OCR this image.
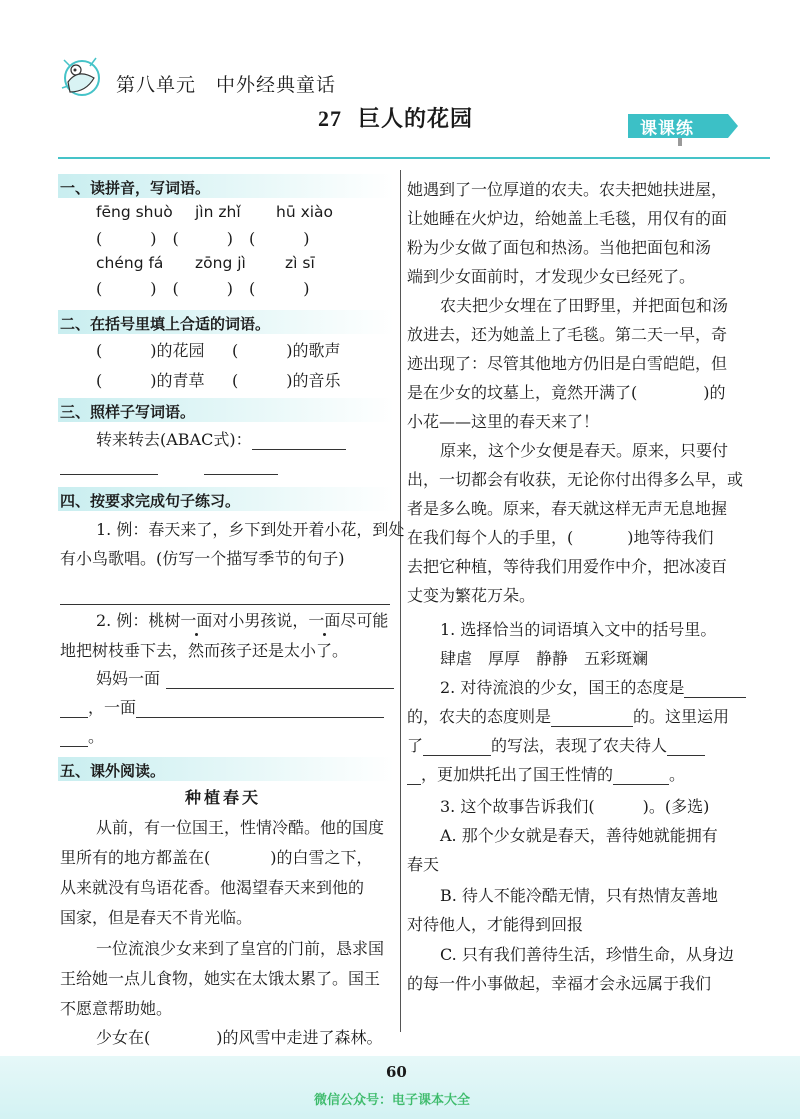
第八单元　中外经典童话
27 巨人的花园	课课练
一、读拼音，写词语。
fēng shuò jìn zhǐ hū xiào
(　　　)　(　　　)　(　　　)
chéng fá zōng jì	zì sī
(　　　)　(　　　)　(　　　)
二、在括号里填上合适的词语。
(　　　)的花园 (　　　)的歌声
(　　　)的青草 (　　　)的音乐
三、照样子写词语。
转来转去(ABAC式)：
四、按要求完成句子练习。
1. 例：春天来了，乡下到处开着小花，到处
有小鸟歌唱。(仿写一个描写季节的句子)
2. 例：桃树一面对小男孩说，一面尽可能
地把树枝垂下去，然而孩子还是太小了。
妈妈一面
，一面
。
五、课外阅读。
种植春天
从前，有一位国王，性情冷酷。他的国度
里所有的地方都盖在(	)的白雪之下，
从来就没有鸟语花香。他渴望春天来到他的
国家，但是春天不肯光临。
一位流浪少女来到了皇宫的门前，恳求国
王给她一点儿食物，她实在太饿太累了。国王
不愿意帮助她。
少女在(	)的风雪中走进了森林。
她遇到了一位厚道的农夫。农夫把她扶进屋，
让她睡在火炉边，给她盖上毛毯，用仅有的面
粉为少女做了面包和热汤。当他把面包和汤
端到少女面前时，才发现少女已经死了。
农夫把少女埋在了田野里，并把面包和汤
放进去，还为她盖上了毛毯。第二天一早，奇
迹出现了：尽管其他地方仍旧是白雪皑皑，但
是在少女的坟墓上，竟然开满了(	)的
小花——这里的春天来了！
原来，这个少女便是春天。原来，只要付
出，一切都会有收获，无论你付出得多么早，或
者是多么晚。原来，春天就这样无声无息地握
在我们每个人的手里，(	)地等待我们
去把它种植，等待我们用爱作中介，把冰凌百
丈变为繁花万朵。
1. 选择恰当的词语填入文中的括号里。
肆虐　厚厚　静静　五彩斑斓
2. 对待流浪的少女，国王的态度是
的，农夫的态度则是	的。这里运用
了	的写法，表现了农夫待人
，更加烘托出了国王性情的	。
3. 这个故事告诉我们(　　　)。(多选)
A. 那个少女就是春天，善待她就能拥有
春天
B. 待人不能冷酷无情，只有热情友善地
对待他人，才能得到回报
C. 只有我们善待生活，珍惜生命，从身边
的每一件小事做起，幸福才会永远属于我们
60
微信公众号：电子课本大全
